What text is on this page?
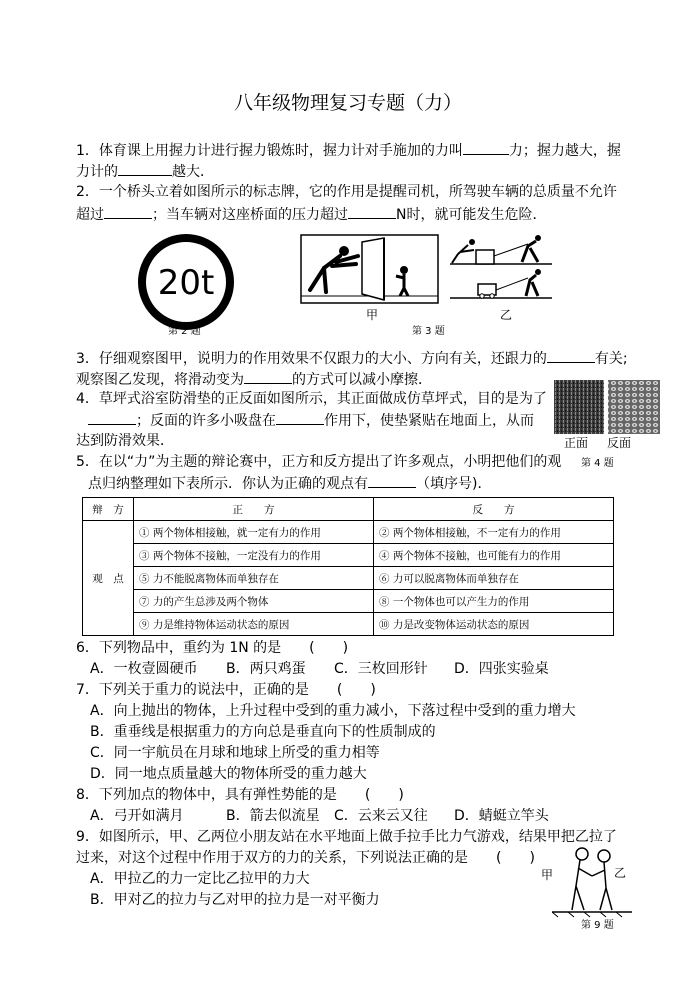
八年级物理复习专题（力）
1．体育课上用握力计进行握力锻炼时，握力计对手施加的力叫	力；握力越大，握
力计的	越大．
2．一个桥头立着如图所示的标志牌，它的作用是提醒司机，所驾驶车辆的总质量不允许
超过	；当车辆对这座桥面的压力超过	N时，就可能发生危险．
20t
第 2 题
甲	乙
第 3 题
3．仔细观察图甲，说明力的作用效果不仅跟力的大小、方向有关，还跟力的	有关;
观察图乙发现，将滑动变为	的方式可以减小摩擦．
4．草坪式浴室防滑垫的正反面如图所示，其正面做成仿草坪式，目的是为了
；反面的许多小吸盘在	作用下，使垫紧贴在地面上，从而
达到防滑效果．	正面 反面
第 4 题
5．在以“力”为主题的辩论赛中，正方和反方提出了许多观点，小明把他们的观
点归纳整理如下表所示．你认为正确的观点有	（填序号)．
辩　方	正　　方	反　　方
观　点	① 两个物体相接触，就一定有力的作用	② 两个物体相接触，不一定有力的作用
	③ 两个物体不接触，一定没有力的作用	④ 两个物体不接触，也可能有力的作用
	⑤ 力不能脱离物体而单独存在	⑥ 力可以脱离物体而单独存在
	⑦ 力的产生总涉及两个物体	⑧ 一个物体也可以产生力的作用
	⑨ 力是维持物体运动状态的原因	⑩ 力是改变物体运动状态的原因
6．下列物品中，重约为 1N 的是　　(　　)
A．一枚壹圆硬币 B．两只鸡蛋 C．三枚回形针 D．四张实验桌
7．下列关于重力的说法中，正确的是　　(　　)
A．向上抛出的物体，上升过程中受到的重力减小，下落过程中受到的重力增大
B．重垂线是根据重力的方向总是垂直向下的性质制成的
C．同一宇航员在月球和地球上所受的重力相等
D．同一地点质量越大的物体所受的重力越大
8．下列加点的物体中，具有弹性势能的是　　(　　)
A．弓开如满月	B．箭去似流星 C．云来云又往 D．蜻蜓立竿头
9．如图所示，甲、乙两位小朋友站在水平地面上做手拉手比力气游戏，结果甲把乙拉了
过来，对这个过程中作用于双方的力的关系，下列说法正确的是　　(　　)
A．甲拉乙的力一定比乙拉甲的力大
B．甲对乙的拉力与乙对甲的拉力是一对平衡力
甲	乙
第 9 题
